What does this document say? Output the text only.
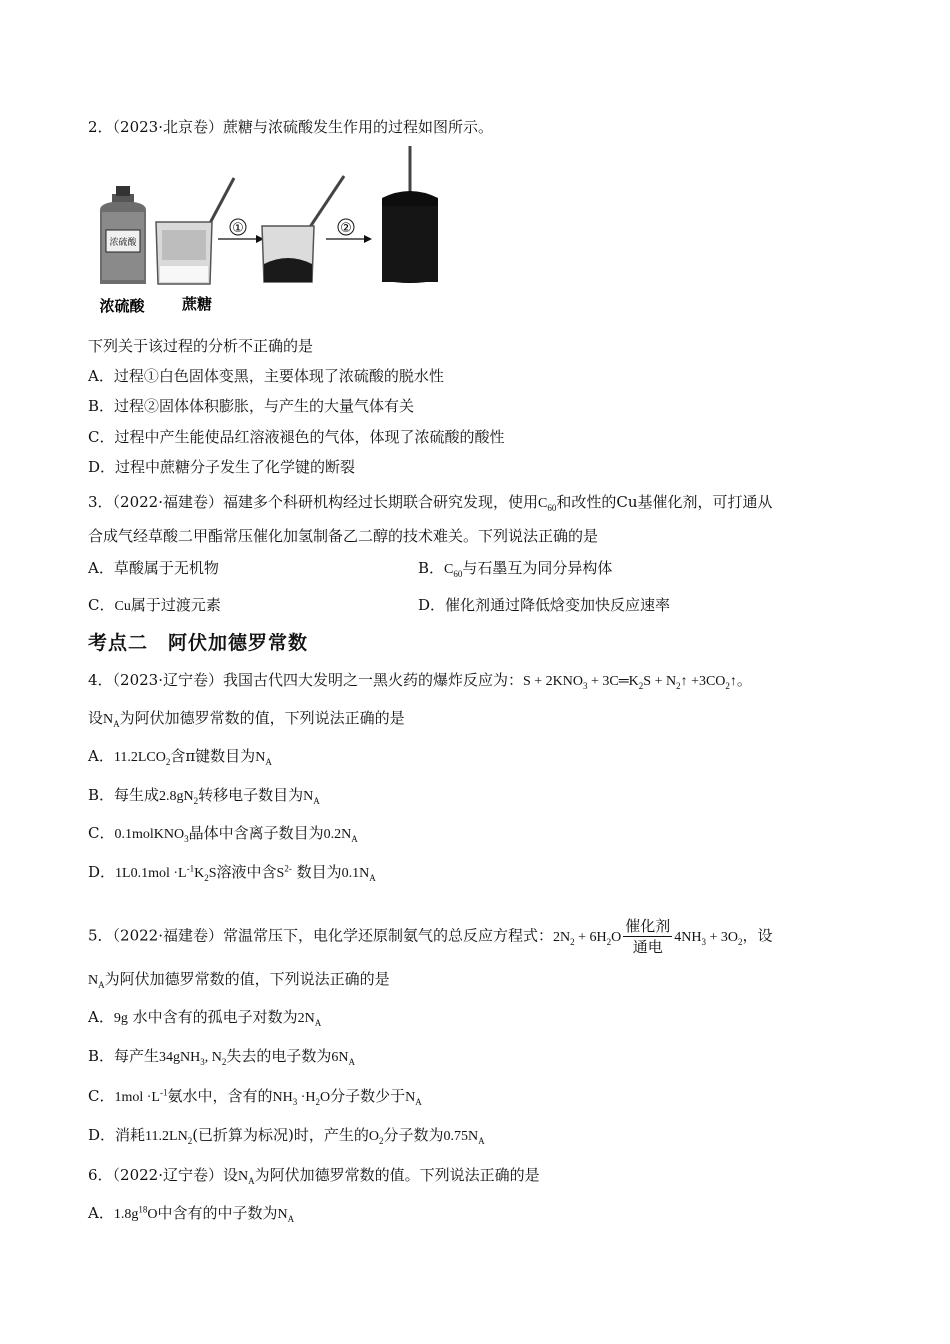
2．（2023·北京卷）蔗糖与浓硫酸发生作用的过程如图所示。
浓硫酸
①	②
浓硫酸 蔗糖
下列关于该过程的分析不正确的是
A．过程①白色固体变黑，主要体现了浓硫酸的脱水性
B．过程②固体体积膨胀，与产生的大量气体有关
C．过程中产生能使品红溶液褪色的气体，体现了浓硫酸的酸性
D．过程中蔗糖分子发生了化学键的断裂
3．（2022·福建卷）福建多个科研机构经过长期联合研究发现，使用$C_{60}$和改性的Cu基催化剂，可打通从
合成气经草酸二甲酯常压催化加氢制备乙二醇的技术难关。下列说法正确的是
A．草酸属于无机物	B．$C_{60}$与石墨互为同分异构体
C．Cu属于过渡元素	D．催化剂通过降低焓变加快反应速率
考点二　阿伏加德罗常数
4．（2023·辽宁卷）我国古代四大发明之一黑火药的爆炸反应为：$S + 2KNO_3$ + $3C═K_2S$ + $N_2↑$ $+3CO_2↑$。
设$N_A$为阿伏加德罗常数的值，下列说法正确的是
A．$11.2LCO_2$含π键数目为$N_A$
B．每生成$2.8gN_2$转移电子数目为$N_A$
C．0.1molKNO$_3$晶体中含离子数目为$0.2N_A$
D．$1L0.1mol \cdot L^{-1}K_2S$溶液中含$S^{2-}$ 数目为$0.1N_A$
5．（2022·福建卷）常温常压下，电化学还原制氨气的总反应方程式：$2N_2 + 6H_2O \frac{\text{催化剂}}{\text{通电}} 4NH_3 + 3O_2$，设
$N_A$为阿伏加德罗常数的值，下列说法正确的是
A．9g 水中含有的孤电子对数为$2N_A$
B．每产生34gNH$_3$, $N_2$失去的电子数为$6N_A$
C．$1mol \cdot L^{-1}$氨水中，含有的$NH_3 \cdot H_2O$分子数少于$N_A$
D．消耗$11.2LN_2$(已折算为标况)时，产生的$O_2$分子数为$0.75N_A$
6．（2022·辽宁卷）设$N_A$为阿伏加德罗常数的值。下列说法正确的是
A．$1.8g^{18}O$中含有的中子数为$N_A$
